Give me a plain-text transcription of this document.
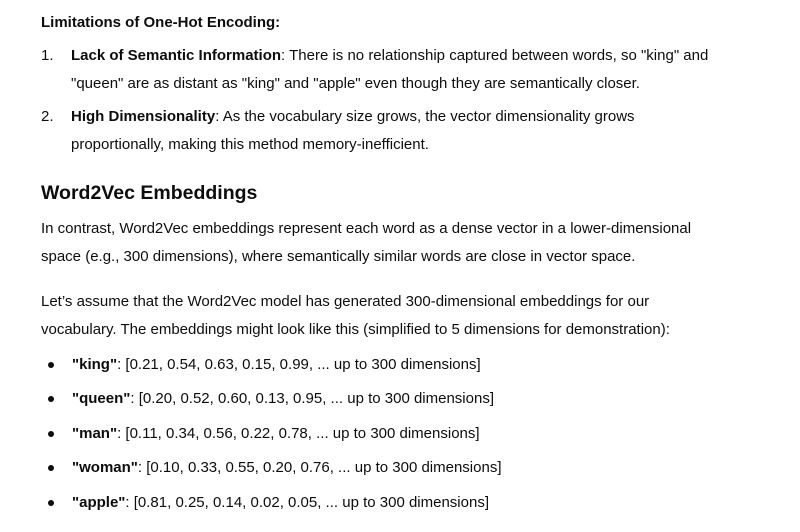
Limitations of One-Hot Encoding:
1. Lack of Semantic Information: There is no relationship captured between words, so "king" and
"queen" are as distant as "king" and "apple" even though they are semantically closer.
2. High Dimensionality: As the vocabulary size grows, the vector dimensionality grows
proportionally, making this method memory-inefficient.
Word2Vec Embeddings
In contrast, Word2Vec embeddings represent each word as a dense vector in a lower-dimensional
space (e.g., 300 dimensions), where semantically similar words are close in vector space.
Let’s assume that the Word2Vec model has generated 300-dimensional embeddings for our
vocabulary. The embeddings might look like this (simplified to 5 dimensions for demonstration):
"king": [0.21, 0.54, 0.63, 0.15, 0.99, ... up to 300 dimensions]
"queen": [0.20, 0.52, 0.60, 0.13, 0.95, ... up to 300 dimensions]
"man": [0.11, 0.34, 0.56, 0.22, 0.78, ... up to 300 dimensions]
"woman": [0.10, 0.33, 0.55, 0.20, 0.76, ... up to 300 dimensions]
"apple": [0.81, 0.25, 0.14, 0.02, 0.05, ... up to 300 dimensions]
